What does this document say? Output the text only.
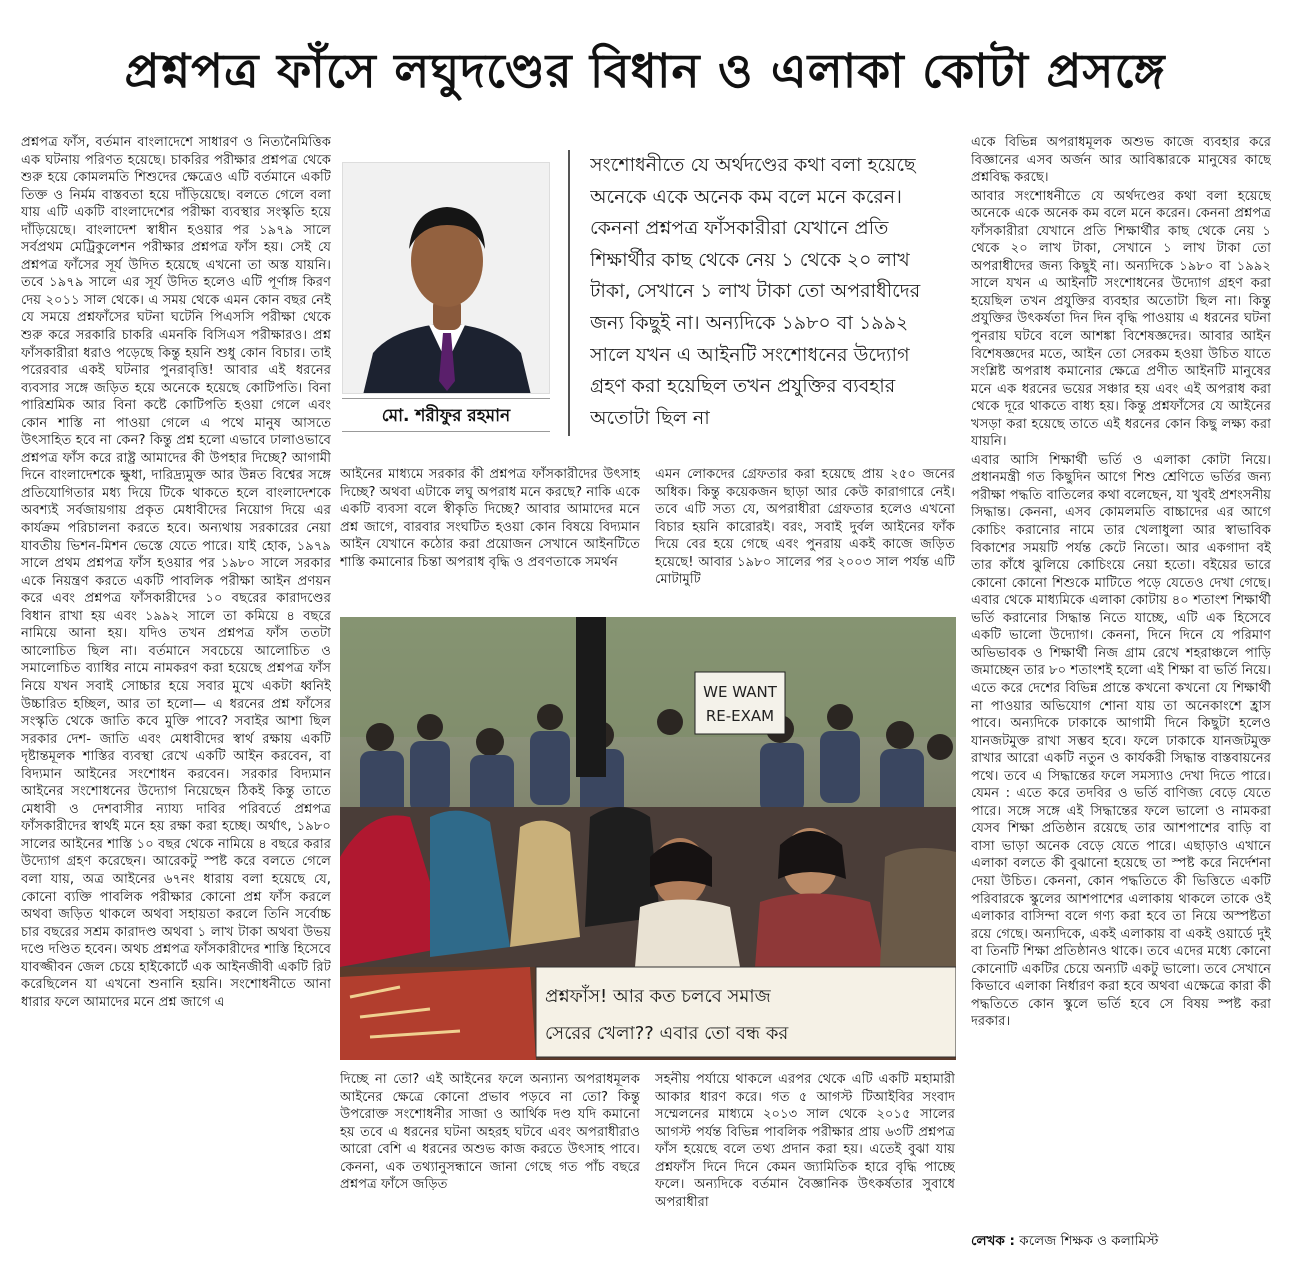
প্রশ্নপত্র ফাঁসে লঘুদণ্ডের বিধান ও এলাকা কোটা প্রসঙ্গে

প্রশ্নপত্র ফাঁস, বর্তমান বাংলাদেশে সাধারণ ও নিত্যনৈমিত্তিক এক ঘটনায় পরিণত হয়েছে। চাকরির পরীক্ষার প্রশ্নপত্র থেকে শুরু হয়ে কোমলমতি শিশুদের ক্ষেত্রেও এটি বর্তমানে একটি তিক্ত ও নির্মম বাস্তবতা হয়ে দাঁড়িয়েছে। বলতে গেলে বলা যায় এটি একটি বাংলাদেশের পরীক্ষা ব্যবস্থার সংস্কৃতি হয়ে দাঁড়িয়েছে। বাংলাদেশ স্বাধীন হওয়ার পর ১৯৭৯ সালে সর্বপ্রথম মেট্রিকুলেশন পরীক্ষার প্রশ্নপত্র ফাঁস হয়। সেই যে প্রশ্নপত্র ফাঁসের সূর্য উদিত হয়েছে এখনো তা অস্ত যায়নি। তবে ১৯৭৯ সালে এর সূর্য উদিত হলেও এটি পূর্ণাঙ্গ কিরণ দেয় ২০১১ সাল থেকে। এ সময় থেকে এমন কোন বছর নেই যে সময়ে প্রশ্নফাঁসের ঘটনা ঘটেনি পিএসসি পরীক্ষা থেকে শুরু করে সরকারি চাকরি এমনকি বিসিএস পরীক্ষারও। প্রশ্ন ফাঁসকারীরা ধরাও পড়েছে কিন্তু হয়নি শুধু কোন বিচার। তাই পরেরবার একই ঘটনার পুনরাবৃত্তি! আবার এই ধরনের ব্যবসার সঙ্গে জড়িত হয়ে অনেকে হয়েছে কোটিপতি। বিনা পারিশ্রমিক আর বিনা কষ্টে কোটিপতি হওয়া গেলে এবং কোন শাস্তি না পাওয়া গেলে এ পথে মানুষ আসতে উৎসাহিত হবে না কেন? কিন্তু প্রশ্ন হলো এভাবে ঢালাওভাবে প্রশ্নপত্র ফাঁস করে রাষ্ট্র আমাদের কী উপহার দিচ্ছে? আগামী দিনে বাংলাদেশকে ক্ষুধা, দারিদ্র্যমুক্ত আর উন্নত বিশ্বের সঙ্গে প্রতিযোগিতার মধ্য দিয়ে টিকে থাকতে হলে বাংলাদেশকে অবশ্যই সর্বজায়গায় প্রকৃত মেধাবীদের নিয়োগ দিয়ে এর কার্যক্রম পরিচালনা করতে হবে। অন্যথায় সরকারের নেয়া যাবতীয় ভিশন-মিশন ভেস্তে যেতে পারে। যাই হোক, ১৯৭৯ সালে প্রথম প্রশ্নপত্র ফাঁস হওয়ার পর ১৯৮০ সালে সরকার একে নিয়ন্ত্রণ করতে একটি পাবলিক পরীক্ষা আইন প্রণয়ন করে এবং প্রশ্নপত্র ফাঁসকারীদের ১০ বছরের কারাদণ্ডের বিধান রাখা হয় এবং ১৯৯২ সালে তা কমিয়ে ৪ বছরে নামিয়ে আনা হয়। যদিও তখন প্রশ্নপত্র ফাঁস ততটা আলোচিত ছিল না। বর্তমানে সবচেয়ে আলোচিত ও সমালোচিত ব্যাধির নামে নামকরণ করা হয়েছে প্রশ্নপত্র ফাঁস নিয়ে যখন সবাই সোচ্চার হয়ে সবার মুখে একটা ধ্বনিই উচ্চারিত হচ্ছিল, আর তা হলো— এ ধরনের প্রশ্ন ফাঁসের সংস্কৃতি থেকে জাতি কবে মুক্তি পাবে? সবাইর আশা ছিল সরকার দেশ- জাতি এবং মেধাবীদের স্বার্থ রক্ষায় একটি দৃষ্টান্তমূলক শাস্তির ব্যবস্থা রেখে একটি আইন করবেন, বা বিদ্যমান আইনের সংশোধন করবেন। সরকার বিদ্যমান আইনের সংশোধনের উদ্যোগ নিয়েছেন ঠিকই কিন্তু তাতে মেধাবী ও দেশবাসীর ন্যায্য দাবির পরিবর্তে প্রশ্নপত্র ফাঁসকারীদের স্বার্থই মনে হয় রক্ষা করা হচ্ছে। অর্থাৎ, ১৯৮০ সালের আইনের শাস্তি ১০ বছর থেকে নামিয়ে ৪ বছরে করার উদ্যোগ গ্রহণ করেছেন। আরেকটু স্পষ্ট করে বলতে গেলে বলা যায়, অত্র আইনের ৬৭নং ধারায় বলা হয়েছে যে, কোনো ব্যক্তি পাবলিক পরীক্ষার কোনো প্রশ্ন ফাঁস করলে অথবা জড়িত থাকলে অথবা সহায়তা করলে তিনি সর্বোচ্চ চার বছরের সশ্রম কারাদণ্ড অথবা ১ লাখ টাকা অথবা উভয় দণ্ডে দণ্ডিত হবেন। অথচ প্রশ্নপত্র ফাঁসকারীদের শাস্তি হিসেবে যাবজ্জীবন জেল চেয়ে হাইকোর্টে এক আইনজীবী একটি রিট করেছিলেন যা এখনো শুনানি হয়নি। সংশোধনীতে আনা ধারার ফলে আমাদের মনে প্রশ্ন জাগে এ

মো. শরীফুর রহমান
সংশোধনীতে যে অর্থদণ্ডের কথা বলা হয়েছে অনেকে একে অনেক কম বলে মনে করেন। কেননা প্রশ্নপত্র ফাঁসকারীরা যেখানে প্রতি শিক্ষার্থীর কাছ থেকে নেয় ১ থেকে ২০ লাখ টাকা, সেখানে ১ লাখ টাকা তো অপরাধীদের জন্য কিছুই না। অন্যদিকে ১৯৮০ বা ১৯৯২ সালে যখন এ আইনটি সংশোধনের উদ্যোগ গ্রহণ করা হয়েছিল তখন প্রযুক্তির ব্যবহার অতোটা ছিল না

আইনের মাধ্যমে সরকার কী প্রশ্নপত্র ফাঁসকারীদের উৎসাহ দিচ্ছে? অথবা এটাকে লঘু অপরাধ মনে করছে? নাকি একে একটি ব্যবসা বলে স্বীকৃতি দিচ্ছে? আবার আমাদের মনে প্রশ্ন জাগে, বারবার সংঘটিত হওয়া কোন বিষয়ে বিদ্যমান আইন যেখানে কঠোর করা প্রয়োজন সেখানে আইনটিতে শাস্তি কমানোর চিন্তা অপরাধ বৃদ্ধি ও প্রবণতাকে সমর্থন

এমন লোকদের গ্রেফতার করা হয়েছে প্রায় ২৫০ জনের অধিক। কিন্তু কয়েকজন ছাড়া আর কেউ কারাগারে নেই। তবে এটি সত্য যে, অপরাধীরা গ্রেফতার হলেও এখনো বিচার হয়নি কারোরই। বরং, সবাই দুর্বল আইনের ফাঁক দিয়ে বের হয়ে গেছে এবং পুনরায় একই কাজে জড়িত হয়েছে! আবার ১৯৮০ সালের পর ২০০৩ সাল পর্যন্ত এটি মোটামুটি

WE WANT
RE-EXAM
প্রশ্নফাঁস! আর কত চলবে সমাজ
সেরের খেলা?? এবার তো বন্ধ কর

দিচ্ছে না তো? এই আইনের ফলে অন্যান্য অপরাধমূলক আইনের ক্ষেত্রে কোনো প্রভাব পড়বে না তো? কিন্তু উপরোক্ত সংশোধনীর সাজা ও আর্থিক দণ্ড যদি কমানো হয় তবে এ ধরনের ঘটনা অহরহ ঘটবে এবং অপরাধীরাও আরো বেশি এ ধরনের অশুভ কাজ করতে উৎসাহ পাবে। কেননা, এক তথ্যানুসন্ধানে জানা গেছে গত পাঁচ বছরে প্রশ্নপত্র ফাঁসে জড়িত

সহনীয় পর্যায়ে থাকলে এরপর থেকে এটি একটি মহামারী আকার ধারণ করে। গত ৫ আগস্ট টিআইবির সংবাদ সম্মেলনের মাধ্যমে ২০১৩ সাল থেকে ২০১৫ সালের আগস্ট পর্যন্ত বিভিন্ন পাবলিক পরীক্ষার প্রায় ৬৩টি প্রশ্নপত্র ফাঁস হয়েছে বলে তথ্য প্রদান করা হয়। এতেই বুঝা যায় প্রশ্নফাঁস দিনে দিনে কেমন জ্যামিতিক হারে বৃদ্ধি পাচ্ছে ফলে। অন্যদিকে বর্তমান বৈজ্ঞানিক উৎকর্ষতার সুবাধে অপরাধীরা

একে বিভিন্ন অপরাধমূলক অশুভ কাজে ব্যবহার করে বিজ্ঞানের এসব অর্জন আর আবিষ্কারকে মানুষের কাছে প্রশ্নবিদ্ধ করছে।

আবার সংশোধনীতে যে অর্থদণ্ডের কথা বলা হয়েছে অনেকে একে অনেক কম বলে মনে করেন। কেননা প্রশ্নপত্র ফাঁসকারীরা যেখানে প্রতি শিক্ষার্থীর কাছ থেকে নেয় ১ থেকে ২০ লাখ টাকা, সেখানে ১ লাখ টাকা তো অপরাধীদের জন্য কিছুই না। অন্যদিকে ১৯৮০ বা ১৯৯২ সালে যখন এ আইনটি সংশোধনের উদ্যোগ গ্রহণ করা হয়েছিল তখন প্রযুক্তির ব্যবহার অতোটা ছিল না। কিন্তু প্রযুক্তির উৎকর্ষতা দিন দিন বৃদ্ধি পাওয়ায় এ ধরনের ঘটনা পুনরায় ঘটবে বলে আশঙ্কা বিশেষজ্ঞদের। আবার আইন বিশেষজ্ঞদের মতে, আইন তো সেরকম হওয়া উচিত যাতে সংশ্লিষ্ট অপরাধ কমানোর ক্ষেত্রে প্রণীত আইনটি মানুষের মনে এক ধরনের ভয়ের সঞ্চার হয় এবং এই অপরাধ করা থেকে দূরে থাকতে বাধ্য হয়। কিন্তু প্রশ্নফাঁসের যে আইনের খসড়া করা হয়েছে তাতে এই ধরনের কোন কিছু লক্ষ্য করা যায়নি।

এবার আসি শিক্ষার্থী ভর্তি ও এলাকা কোটা নিয়ে। প্রধানমন্ত্রী গত কিছুদিন আগে শিশু শ্রেণিতে ভর্তির জন্য পরীক্ষা পদ্ধতি বাতিলের কথা বলেছেন, যা খুবই প্রশংসনীয় সিদ্ধান্ত। কেননা, এসব কোমলমতি বাচ্চাদের এর আগে কোচিং করানোর নামে তার খেলাধুলা আর স্বাভাবিক বিকাশের সময়টি পর্যন্ত কেটে নিতো। আর একগাদা বই তার কাঁধে ঝুলিয়ে কোচিংয়ে নেয়া হতো। বইয়ের ভারে কোনো কোনো শিশুকে মাটিতে পড়ে যেতেও দেখা গেছে। এবার থেকে মাধ্যমিকে এলাকা কোটায় ৪০ শতাংশ শিক্ষার্থী ভর্তি করানোর সিদ্ধান্ত নিতে যাচ্ছে, এটি এক হিসেবে একটি ভালো উদ্যোগ। কেননা, দিনে দিনে যে পরিমাণ অভিভাবক ও শিক্ষার্থী নিজ গ্রাম রেখে শহরাঞ্চলে পাড়ি জমাচ্ছেন তার ৮০ শতাংশই হলো এই শিক্ষা বা ভর্তি নিয়ে। এতে করে দেশের বিভিন্ন প্রান্তে কখনো কখনো যে শিক্ষার্থী না পাওয়ার অভিযোগ শোনা যায় তা অনেকাংশে হ্রাস পাবে। অন্যদিকে ঢাকাকে আগামী দিনে কিছুটা হলেও যানজটমুক্ত রাখা সম্ভব হবে। ফলে ঢাকাকে যানজটমুক্ত রাখার আরো একটি নতুন ও কার্যকরী সিদ্ধান্ত বাস্তবায়নের পথে। তবে এ সিদ্ধান্তের ফলে সমস্যাও দেখা দিতে পারে। যেমন : এতে করে তদবির ও ভর্তি বাণিজ্য বেড়ে যেতে পারে। সঙ্গে সঙ্গে এই সিদ্ধান্তের ফলে ভালো ও নামকরা যেসব শিক্ষা প্রতিষ্ঠান রয়েছে তার আশপাশের বাড়ি বা বাসা ভাড়া অনেক বেড়ে যেতে পারে। এছাড়াও এখানে এলাকা বলতে কী বুঝানো হয়েছে তা স্পষ্ট করে নির্দেশনা দেয়া উচিত। কেননা, কোন পদ্ধতিতে কী ভিত্তিতে একটি পরিবারকে স্কুলের আশপাশের এলাকায় থাকলে তাকে ওই এলাকার বাসিন্দা বলে গণ্য করা হবে তা নিয়ে অস্পষ্টতা রয়ে গেছে। অন্যদিকে, একই এলাকায় বা একই ওয়ার্ডে দুই বা তিনটি শিক্ষা প্রতিষ্ঠানও থাকে। তবে এদের মধ্যে কোনো কোনোটি একটির চেয়ে অন্যটি একটু ভালো। তবে সেখানে কিভাবে এলাকা নির্ধারণ করা হবে অথবা এক্ষেত্রে কারা কী পদ্ধতিতে কোন স্কুলে ভর্তি হবে সে বিষয় স্পষ্ট করা দরকার।

লেখক : কলেজ শিক্ষক ও কলামিস্ট
